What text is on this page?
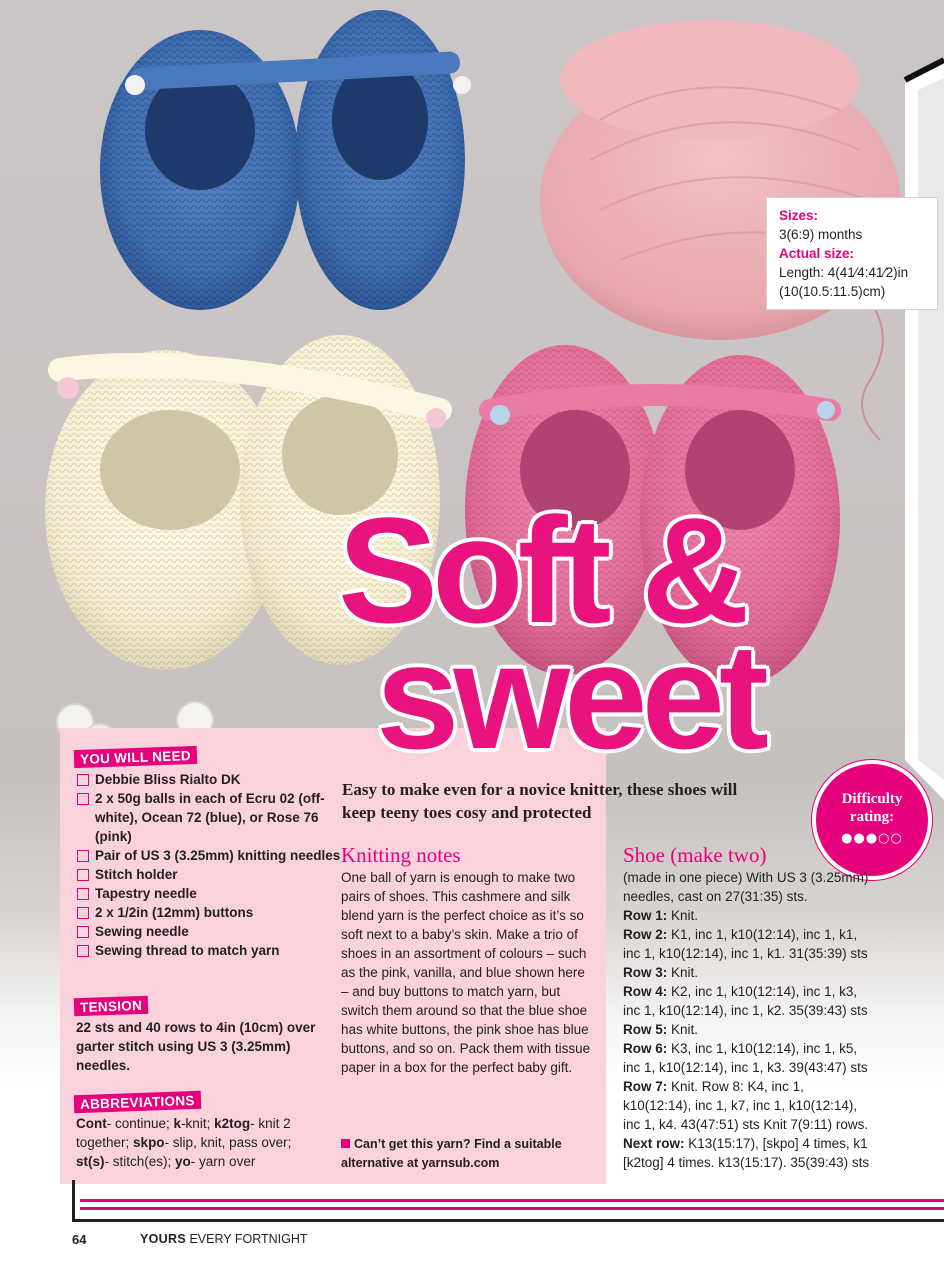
Sizes:
3(6:9) months
Actual size:
Length: 4(41⁄4:41⁄2)in
(10(10.5:11.5)cm)
Soft &
sweet
Easy to make even for a novice knitter, these shoes will keep teeny toes cosy and protected
Difficulty
rating:
●●●○○
YOU WILL NEED
Debbie Bliss Rialto DK
2 x 50g balls in each of Ecru 02 (off-white), Ocean 72 (blue), or Rose 76 (pink)
Pair of US 3 (3.25mm) knitting needles
Stitch holder
Tapestry needle
2 x 1/2in (12mm) buttons
Sewing needle
Sewing thread to match yarn
TENSION
22 sts and 40 rows to 4in (10cm) over garter stitch using US 3 (3.25mm) needles.
ABBREVIATIONS
Cont- continue; k-knit; k2tog- knit 2 together; skpo- slip, knit, pass over; st(s)- stitch(es); yo- yarn over
Knitting notes
One ball of yarn is enough to make two pairs of shoes. This cashmere and silk blend yarn is the perfect choice as it’s so soft next to a baby’s skin. Make a trio of shoes in an assortment of colours – such as the pink, vanilla, and blue shown here – and buy buttons to match yarn, but switch them around so that the blue shoe has white buttons, the pink shoe has blue buttons, and so on. Pack them with tissue paper in a box for the perfect baby gift.
Can’t get this yarn? Find a suitable alternative at yarnsub.com
Shoe (make two)
(made in one piece) With US 3 (3.25mm) needles, cast on 27(31:35) sts.
Row 1: Knit.
Row 2: K1, inc 1, k10(12:14), inc 1, k1, inc 1, k10(12:14), inc 1, k1. 31(35:39) sts
Row 3: Knit.
Row 4: K2, inc 1, k10(12:14), inc 1, k3, inc 1, k10(12:14), inc 1, k2. 35(39:43) sts
Row 5: Knit.
Row 6: K3, inc 1, k10(12:14), inc 1, k5, inc 1, k10(12:14), inc 1, k3. 39(43:47) sts
Row 7: Knit. Row 8: K4, inc 1, k10(12:14), inc 1, k7, inc 1, k10(12:14), inc 1, k4. 43(47:51) sts Knit 7(9:11) rows.
Next row: K13(15:17), [skpo] 4 times, k1 [k2tog] 4 times. k13(15:17). 35(39:43) sts
64	YOURS EVERY FORTNIGHT
